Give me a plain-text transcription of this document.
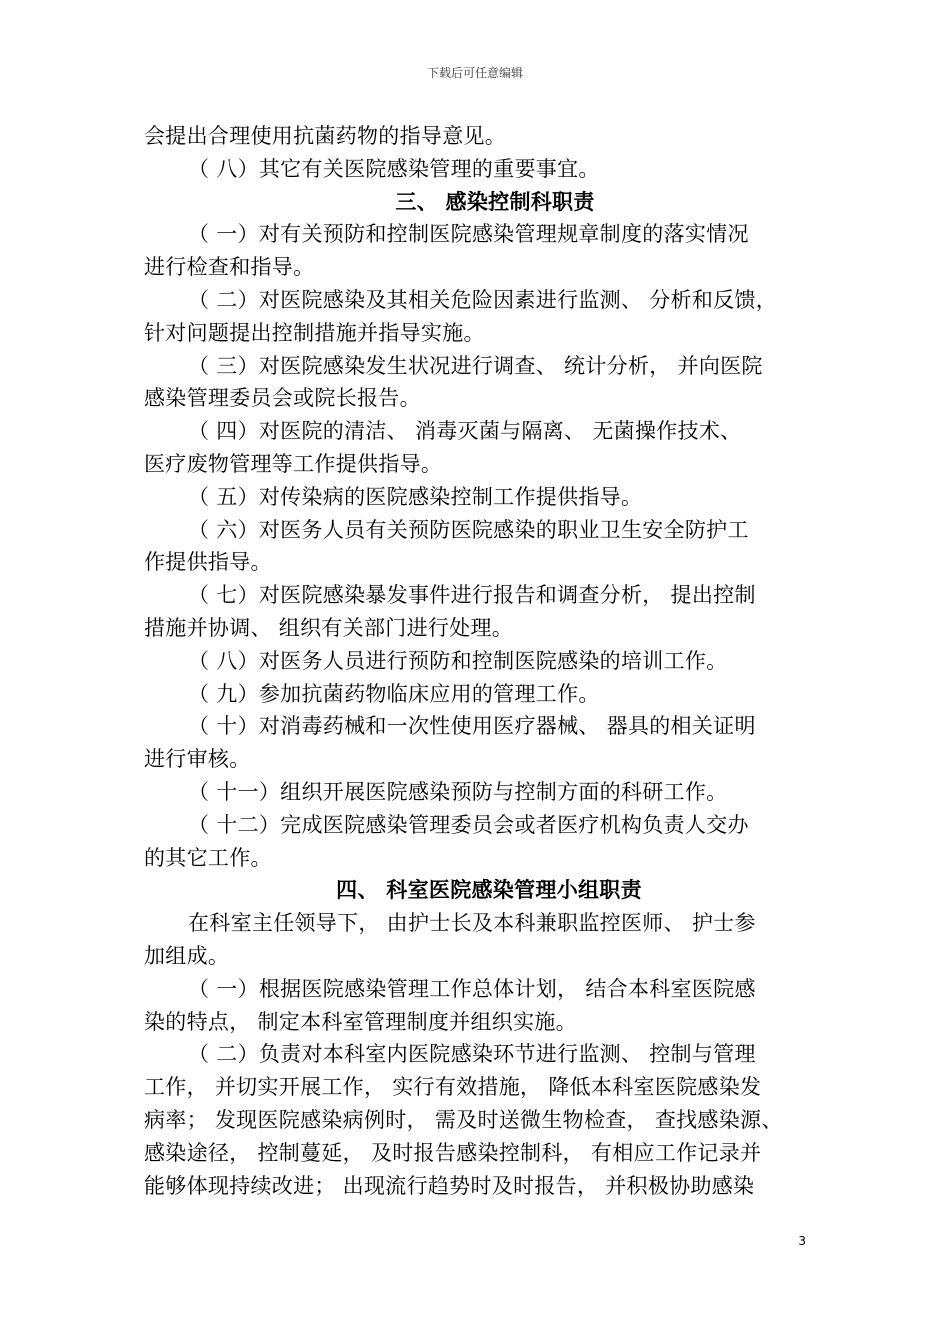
下载后可任意编辑
会提出合理使用抗菌药物的指导意见。
（ 八）其它有关医院感染管理的重要事宜。
三、 感染控制科职责
（ 一）对有关预防和控制医院感染管理规章制度的落实情况
进行检查和指导。
（ 二）对医院感染及其相关危险因素进行监测、 分析和反馈，
针对问题提出控制措施并指导实施。
（ 三）对医院感染发生状况进行调查、 统计分析， 并向医院
感染管理委员会或院长报告。
（ 四）对医院的清洁、 消毒灭菌与隔离、 无菌操作技术、
医疗废物管理等工作提供指导。
（ 五）对传染病的医院感染控制工作提供指导。
（ 六）对医务人员有关预防医院感染的职业卫生安全防护工
作提供指导。
（ 七）对医院感染暴发事件进行报告和调查分析， 提出控制
措施并协调、 组织有关部门进行处理。
（ 八）对医务人员进行预防和控制医院感染的培训工作。
（ 九）参加抗菌药物临床应用的管理工作。
（ 十）对消毒药械和一次性使用医疗器械、 器具的相关证明
进行审核。
（ 十一）组织开展医院感染预防与控制方面的科研工作。
（ 十二）完成医院感染管理委员会或者医疗机构负责人交办
的其它工作。
四、 科室医院感染管理小组职责
在科室主任领导下， 由护士长及本科兼职监控医师、 护士参
加组成。
（ 一）根据医院感染管理工作总体计划， 结合本科室医院感
染的特点， 制定本科室管理制度并组织实施。
（ 二）负责对本科室内医院感染环节进行监测、 控制与管理
工作， 并切实开展工作， 实行有效措施， 降低本科室医院感染发
病率； 发现医院感染病例时， 需及时送微生物检查， 查找感染源、
感染途径， 控制蔓延， 及时报告感染控制科， 有相应工作记录并
能够体现持续改进； 出现流行趋势时及时报告， 并积极协助感染
3
